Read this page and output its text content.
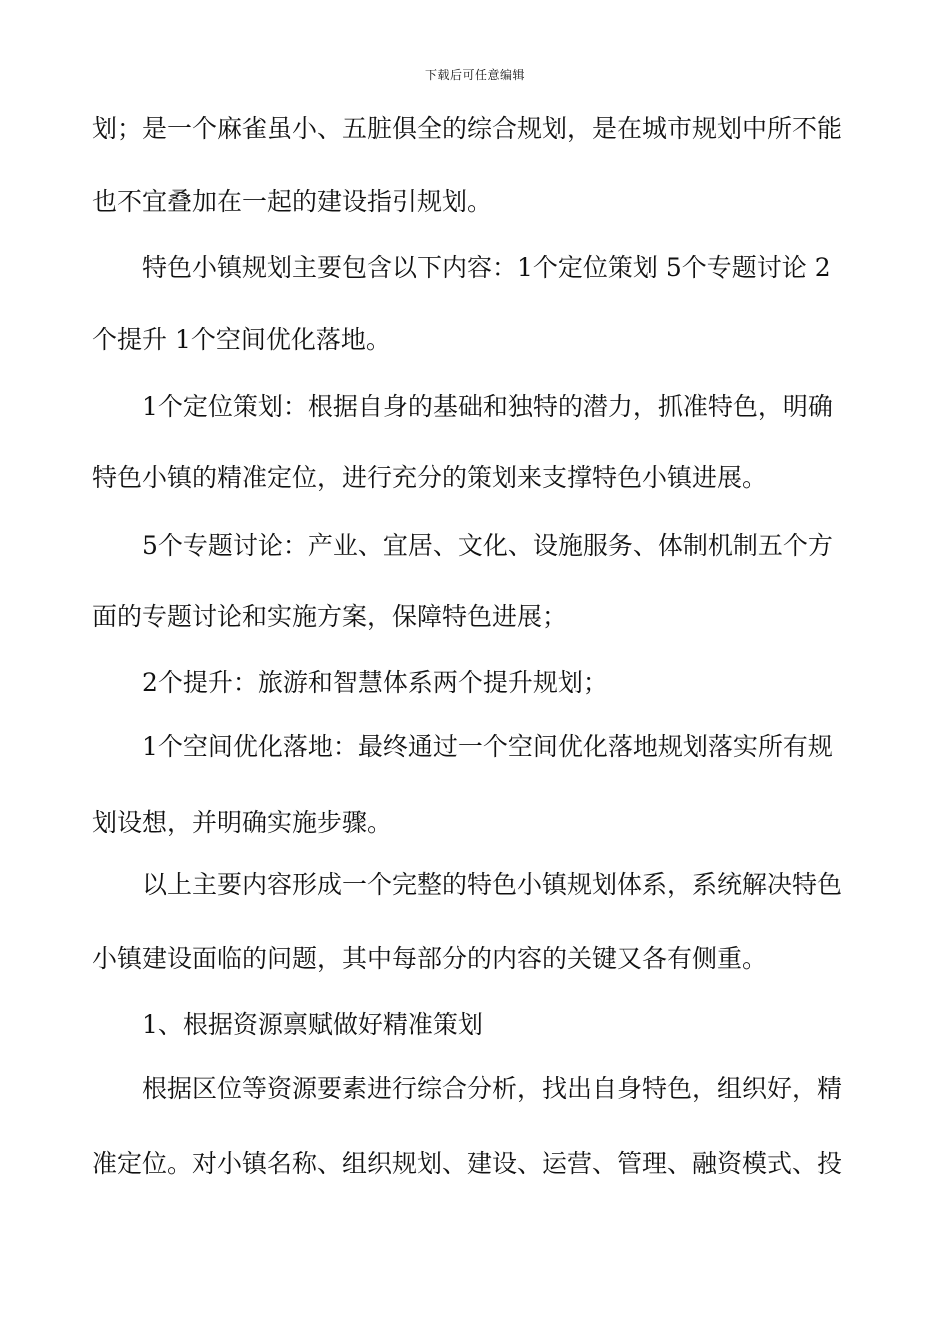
下载后可任意编辑
划；是一个麻雀虽小、五脏俱全的综合规划，是在城市规划中所不能
也不宜叠加在一起的建设指引规划。
特色小镇规划主要包含以下内容：1个定位策划 5个专题讨论 2
个提升 1个空间优化落地。
1个定位策划：根据自身的基础和独特的潜力，抓准特色，明确
特色小镇的精准定位，进行充分的策划来支撑特色小镇进展。
5个专题讨论：产业、宜居、文化、设施服务、体制机制五个方
面的专题讨论和实施方案，保障特色进展；
2个提升：旅游和智慧体系两个提升规划；
1个空间优化落地：最终通过一个空间优化落地规划落实所有规
划设想，并明确实施步骤。
以上主要内容形成一个完整的特色小镇规划体系，系统解决特色
小镇建设面临的问题，其中每部分的内容的关键又各有侧重。
1、根据资源禀赋做好精准策划
根据区位等资源要素进行综合分析，找出自身特色，组织好，精
准定位。对小镇名称、组织规划、建设、运营、管理、融资模式、投
